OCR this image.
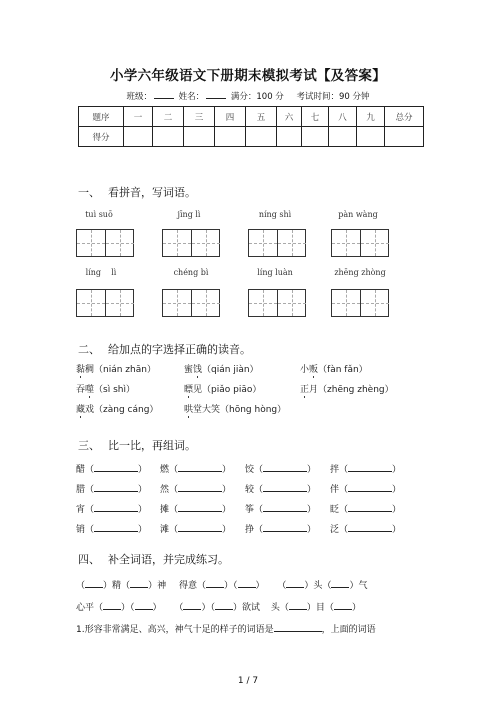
小学六年级语文下册期末模拟考试【及答案】
班级：	姓名：	满分：100 分 考试时间：90 分钟
题序	一	二	三	四	五	六	七	八	九	总分
得分										
一、 看拼音，写词语。
tuì suō	jīng lì	níng shì	pàn wàng
líng    lì	chéng bì	líng luàn	zhēng zhòng
二、 给加点的字选择正确的读音。
黏稠（nián zhān）	蜜饯（qián jiàn）	小贩（fàn fǎn）
吞噬（sì shì）	瞟见（piǎo piāo）	正月（zhēng zhèng）
藏戏（zàng cáng）	哄堂大笑（hōng hòng）
三、 比一比，再组词。
醋（	） 燃（	） 饺（	） 拌（	）
腊（	） 然（	） 较（	） 伴（	）
宵（	） 摊（	） 筝（	） 眨（	）
销（	） 滩（	） 挣（	） 泛（	）
四、 补全词语，并完成练习。
（ ）精（ ）神 得意（ ）（ ） （ ）头（ ）气
心平（ ）（ ） （ ）（ ）欲试 头（ ）目（ ）
1.形容非常满足、高兴，神气十足的样子的词语是	，上面的词语
1 / 7
